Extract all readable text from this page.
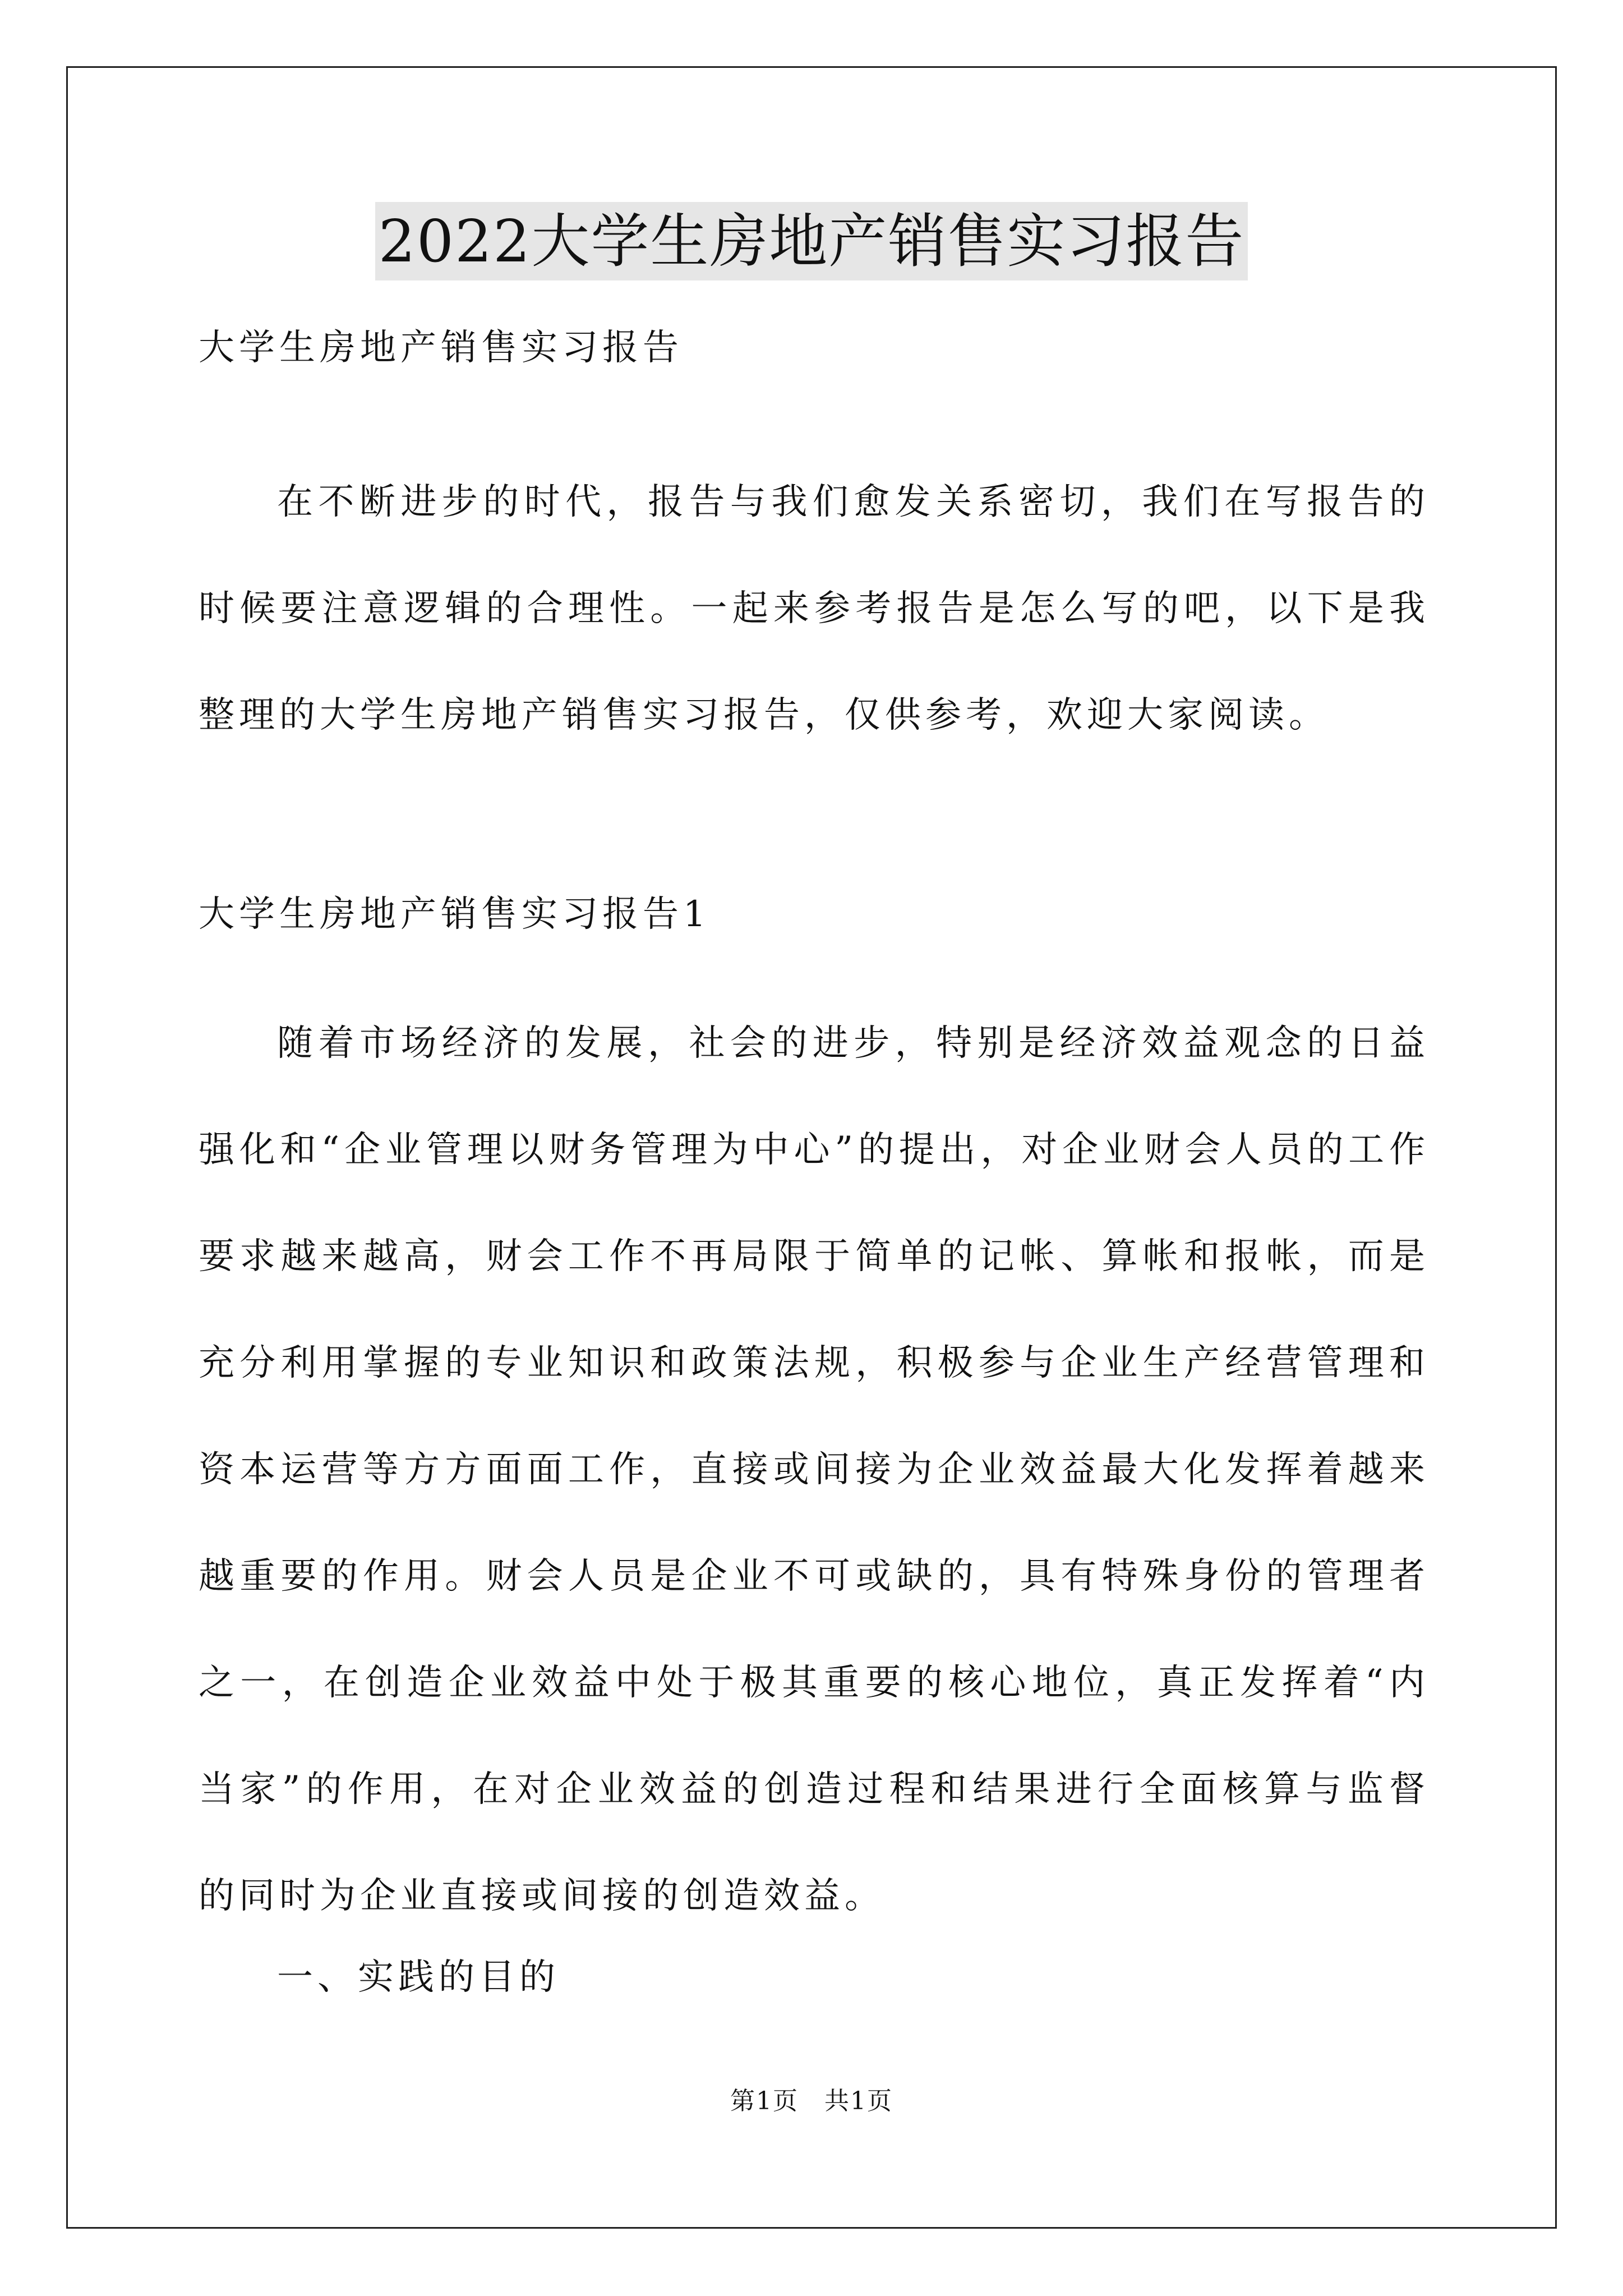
2022大学生房地产销售实习报告
大学生房地产销售实习报告
在不断进步的时代，报告与我们愈发关系密切，我们在写报告的时候要注意逻辑的合理性。一起来参考报告是怎么写的吧，以下是我整理的大学生房地产销售实习报告，仅供参考，欢迎大家阅读。
大学生房地产销售实习报告1
随着市场经济的发展，社会的进步，特别是经济效益观念的日益强化和“企业管理以财务管理为中心”的提出，对企业财会人员的工作要求越来越高，财会工作不再局限于简单的记帐、算帐和报帐，而是充分利用掌握的专业知识和政策法规，积极参与企业生产经营管理和资本运营等方方面面工作，直接或间接为企业效益最大化发挥着越来越重要的作用。财会人员是企业不可或缺的，具有特殊身份的管理者之一，在创造企业效益中处于极其重要的核心地位，真正发挥着“内当家”的作用，在对企业效益的创造过程和结果进行全面核算与监督的同时为企业直接或间接的创造效益。
一、实践的目的
第1页　共1页
